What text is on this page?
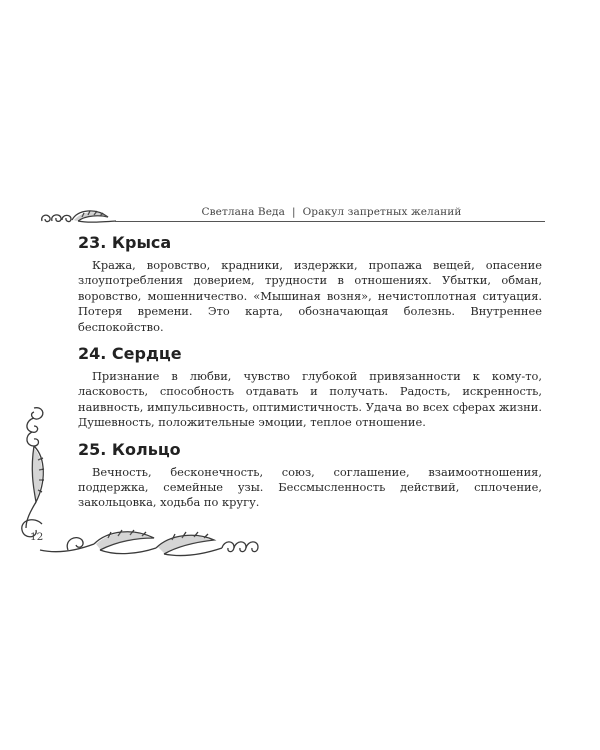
Светлана Веда | Оракул запретных желаний
23. Крыса

Кража, воровство, крадники, издержки, пропажа вещей, опасение злоупотребления доверием, трудности в отношениях. Убытки, обман, воровство, мошенничество. «Мышиная возня», нечистоплотная ситуация. Потеря времени. Это карта, обозначающая болезнь. Внутреннее беспокойство.

24. Сердце

Признание в любви, чувство глубокой привязанности к кому-то, ласковость, способность отдавать и получать. Радость, искренность, наивность, импульсивность, оптимистичность. Удача во всех сферах жизни. Душевность, положительные эмоции, теплое отношение.

25. Кольцо

Вечность, бесконечность, союз, соглашение, взаимоотношения, поддержка, семейные узы. Бессмысленность действий, сплочение, закольцовка, ходьба по кругу.

12
